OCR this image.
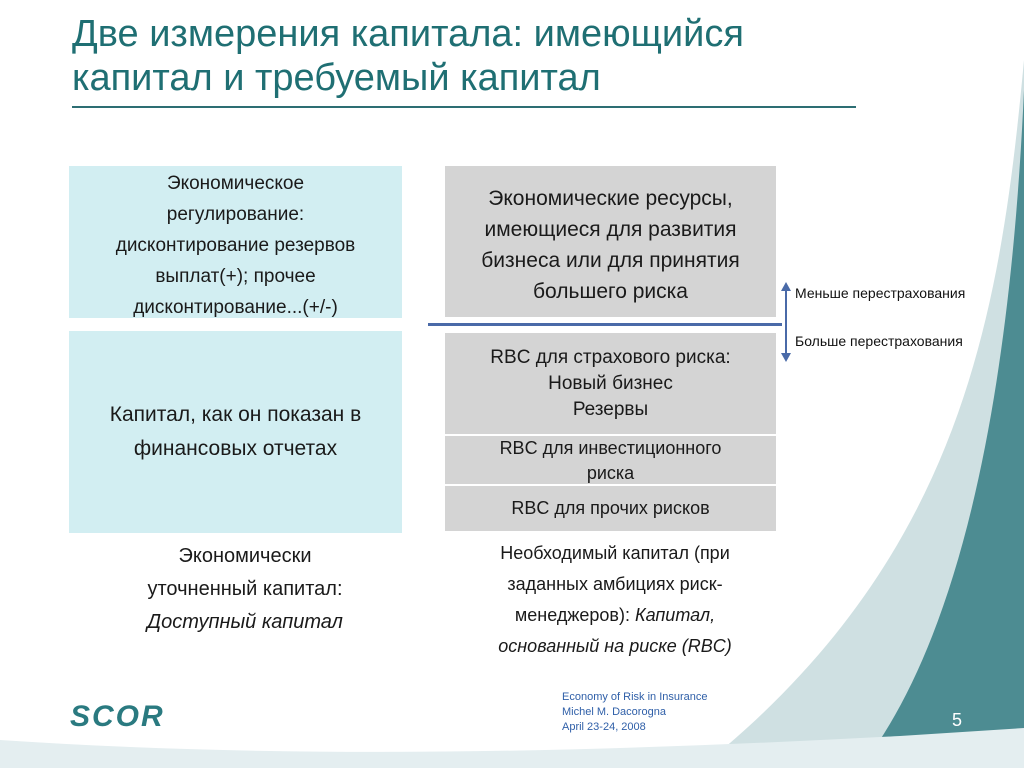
Две измерения капитала: имеющийся
капитал и требуемый капитал
Экономическое
регулирование:
дисконтирование резервов
выплат(+); прочее
дисконтирование...(+/-)
Капитал, как он показан в
финансовых отчетах
Экономические ресурсы,
имеющиеся для развития
бизнеса или для принятия
большего риска
RBC для страхового риска:
Новый бизнес
Резервы
RBC для инвестиционного
риска
RBC для прочих рисков
Меньше перестрахования
Больше перестрахования
Экономически
уточненный капитал:
Доступный капитал
Необходимый капитал (при
заданных амбициях риск-
менеджеров): Капитал,
основанный на риске (RBC)
SCOR
Economy of Risk in Insurance
Michel M. Dacorogna
April 23-24, 2008	5
